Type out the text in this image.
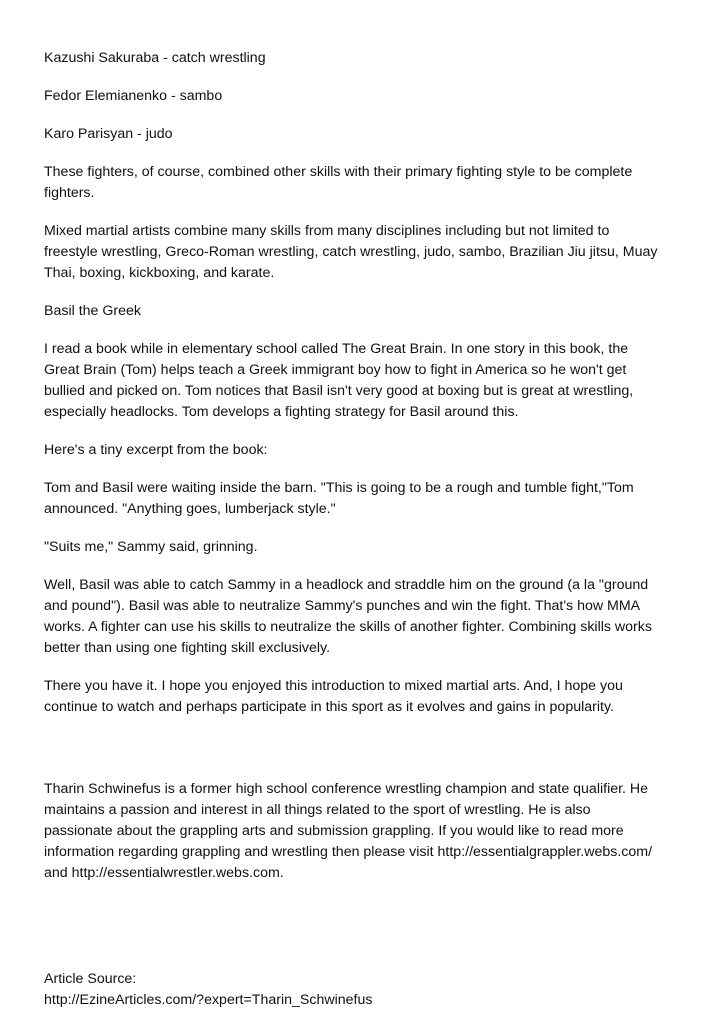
Kazushi Sakuraba - catch wrestling
Fedor Elemianenko - sambo
Karo Parisyan - judo
These fighters, of course, combined other skills with their primary fighting style to be complete
fighters.
Mixed martial artists combine many skills from many disciplines including but not limited to
freestyle wrestling, Greco-Roman wrestling, catch wrestling, judo, sambo, Brazilian Jiu jitsu, Muay
Thai, boxing, kickboxing, and karate.
Basil the Greek
I read a book while in elementary school called The Great Brain. In one story in this book, the
Great Brain (Tom) helps teach a Greek immigrant boy how to fight in America so he won't get
bullied and picked on. Tom notices that Basil isn't very good at boxing but is great at wrestling,
especially headlocks. Tom develops a fighting strategy for Basil around this.
Here's a tiny excerpt from the book:
Tom and Basil were waiting inside the barn. "This is going to be a rough and tumble fight,"Tom
announced. "Anything goes, lumberjack style."
"Suits me," Sammy said, grinning.
Well, Basil was able to catch Sammy in a headlock and straddle him on the ground (a la "ground
and pound"). Basil was able to neutralize Sammy's punches and win the fight. That's how MMA
works. A fighter can use his skills to neutralize the skills of another fighter. Combining skills works
better than using one fighting skill exclusively.
There you have it. I hope you enjoyed this introduction to mixed martial arts. And, I hope you
continue to watch and perhaps participate in this sport as it evolves and gains in popularity.
Tharin Schwinefus is a former high school conference wrestling champion and state qualifier. He
maintains a passion and interest in all things related to the sport of wrestling. He is also
passionate about the grappling arts and submission grappling. If you would like to read more
information regarding grappling and wrestling then please visit http://essentialgrappler.webs.com/
and http://essentialwrestler.webs.com.
Article Source:
http://EzineArticles.com/?expert=Tharin_Schwinefus
